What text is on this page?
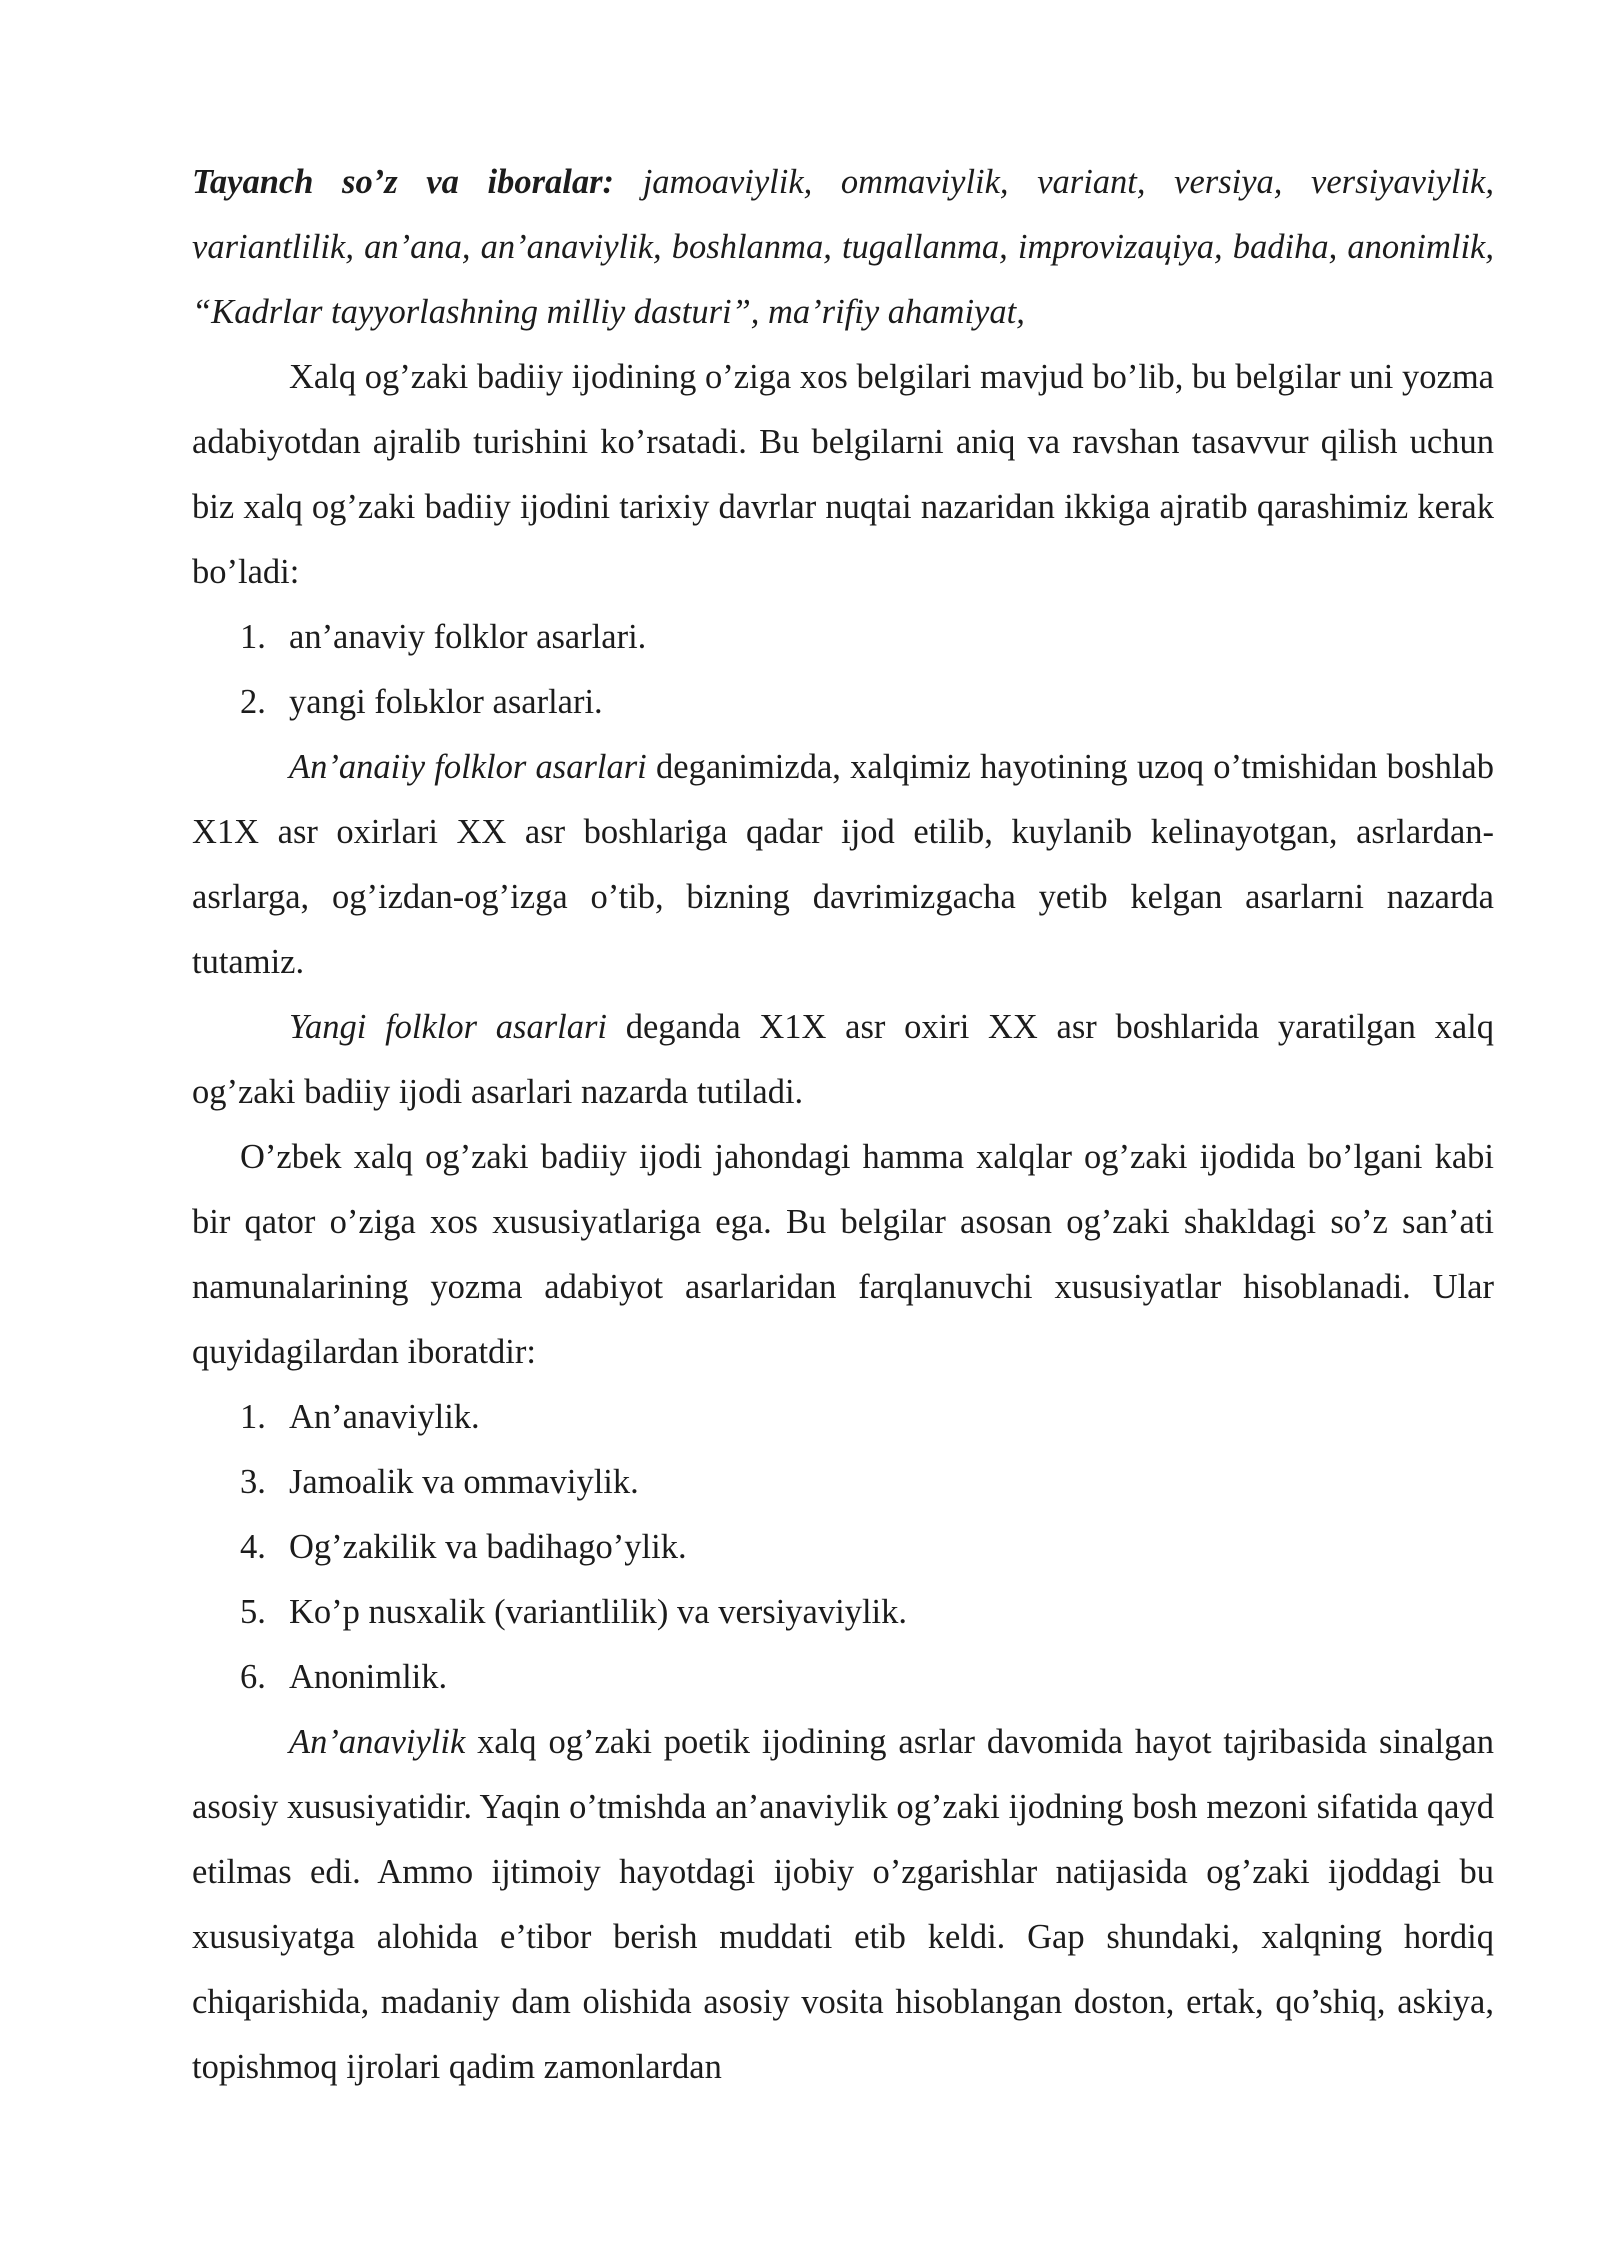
Tayanch so’z va iboralar: jamoaviylik, ommaviylik, variant, versiya, versiyaviylik, variantlilik, an’ana, an’anaviylik, boshlanma, tugallanma, improvizaцiya, badiha, anonimlik, “Kadrlar tayyorlashning milliy dasturi”, ma’rifiy ahamiyat,

Xalq og’zaki badiiy ijodining o’ziga xos belgilari mavjud bo’lib, bu belgilar uni yozma adabiyotdan ajralib turishini ko’rsatadi. Bu belgilarni aniq va ravshan tasavvur qilish uchun biz xalq og’zaki badiiy ijodini tarixiy davrlar nuqtai nazaridan ikkiga ajratib qarashimiz kerak bo’ladi:

1. an’anaviy folklor asarlari.
2. yangi folьklor asarlari.

An’anaiiy folklor asarlari deganimizda, xalqimiz hayotining uzoq o’tmishidan boshlab X1X asr oxirlari XX asr boshlariga qadar ijod etilib, kuylanib kelinayotgan, asrlardan-asrlarga, og’izdan-og’izga o’tib, bizning davrimizgacha yetib kelgan asarlarni nazarda tutamiz.

Yangi folklor asarlari deganda X1X asr oxiri XX asr boshlarida yaratilgan xalq og’zaki badiiy ijodi asarlari nazarda tutiladi.

O’zbek xalq og’zaki badiiy ijodi jahondagi hamma xalqlar og’zaki ijodida bo’lgani kabi bir qator o’ziga xos xususiyatlariga ega. Bu belgilar asosan og’zaki shakldagi so’z san’ati namunalarining yozma adabiyot asarlaridan farqlanuvchi xususiyatlar hisoblanadi. Ular quyidagilardan iboratdir:

1. An’anaviylik.
3. Jamoalik va ommaviylik.
4. Og’zakilik va badihago’ylik.
5. Ko’p nusxalik (variantlilik) va versiyaviylik.
6. Anonimlik.

An’anaviylik xalq og’zaki poetik ijodining asrlar davomida hayot tajribasida sinalgan asosiy xususiyatidir. Yaqin o’tmishda an’anaviylik og’zaki ijodning bosh mezoni sifatida qayd etilmas edi. Ammo ijtimoiy hayotdagi ijobiy o’zgarishlar natijasida og’zaki ijoddagi bu xususiyatga alohida e’tibor berish muddati etib keldi. Gap shundaki, xalqning hordiq chiqarishida, madaniy dam olishida asosiy vosita hisoblangan doston, ertak, qo’shiq, askiya, topishmoq ijrolari qadim zamonlardan
